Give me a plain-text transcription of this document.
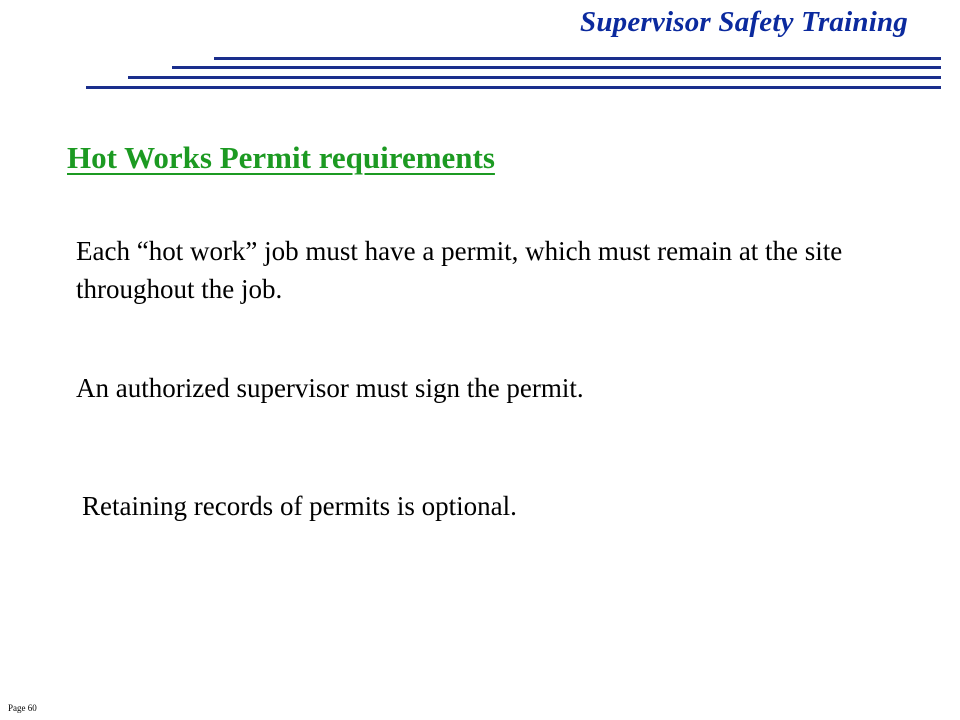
Supervisor Safety Training
Hot Works Permit requirements

Each “hot work” job must have a permit, which must remain at the site throughout the job.

An authorized supervisor must sign the permit.

Retaining records of permits is optional.

Page 60
